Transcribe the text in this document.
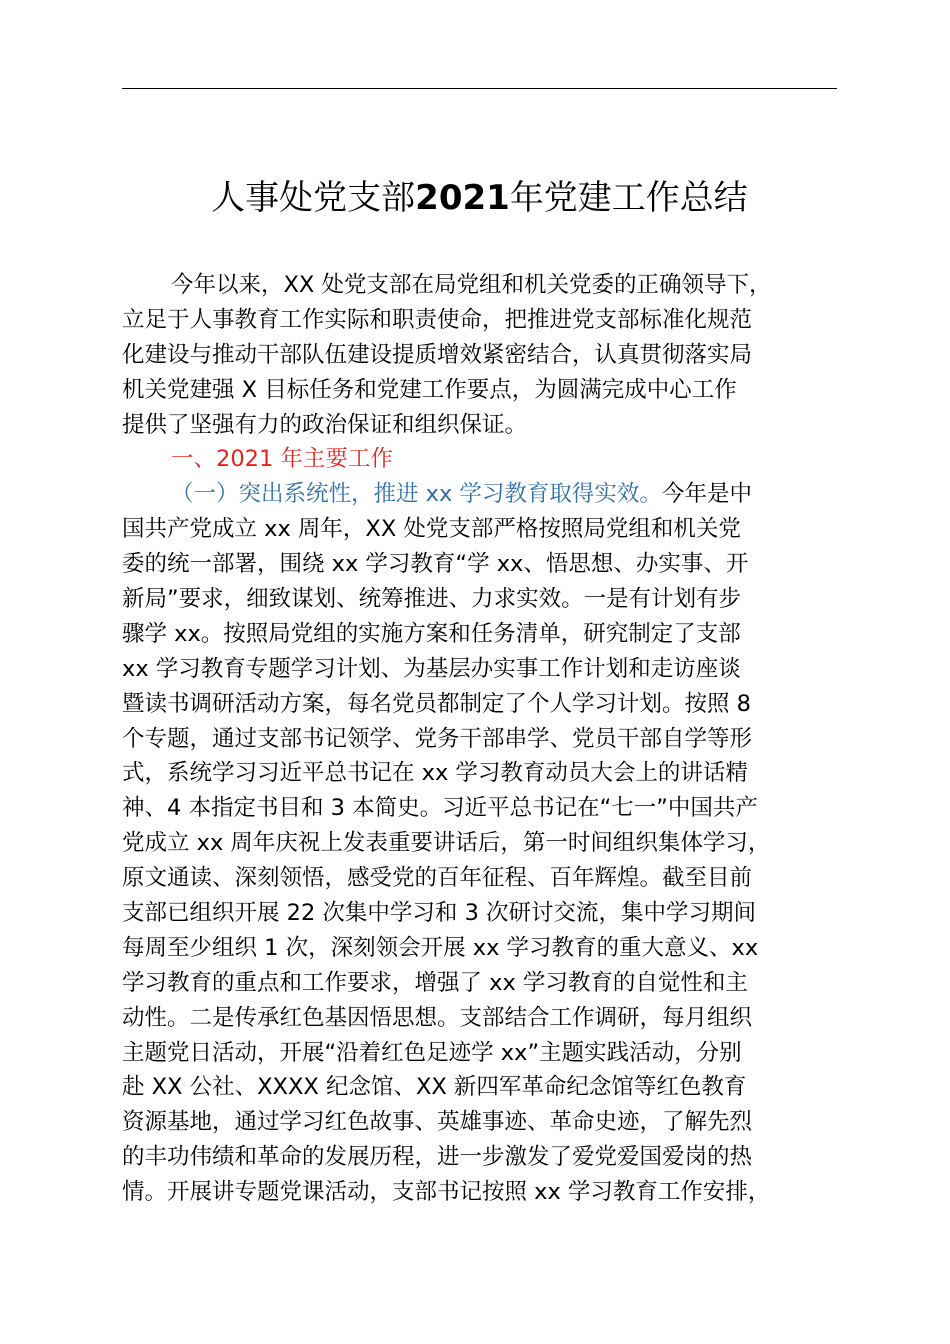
人事处党支部2021年党建工作总结
今年以来，XX 处党支部在局党组和机关党委的正确领导下，
立足于人事教育工作实际和职责使命，把推进党支部标准化规范
化建设与推动干部队伍建设提质增效紧密结合，认真贯彻落实局
机关党建强 X 目标任务和党建工作要点，为圆满完成中心工作
提供了坚强有力的政治保证和组织保证。
一、2021 年主要工作
（一）突出系统性，推进 xx 学习教育取得实效。今年是中
国共产党成立 xx 周年，XX 处党支部严格按照局党组和机关党
委的统一部署，围绕 xx 学习教育“学 xx、悟思想、办实事、开
新局”要求，细致谋划、统筹推进、力求实效。一是有计划有步
骤学 xx。按照局党组的实施方案和任务清单，研究制定了支部
xx 学习教育专题学习计划、为基层办实事工作计划和走访座谈
暨读书调研活动方案，每名党员都制定了个人学习计划。按照 8
个专题，通过支部书记领学、党务干部串学、党员干部自学等形
式，系统学习习近平总书记在 xx 学习教育动员大会上的讲话精
神、4 本指定书目和 3 本简史。习近平总书记在“七一”中国共产
党成立 xx 周年庆祝上发表重要讲话后，第一时间组织集体学习，
原文通读、深刻领悟，感受党的百年征程、百年辉煌。截至目前
支部已组织开展 22 次集中学习和 3 次研讨交流，集中学习期间
每周至少组织 1 次，深刻领会开展 xx 学习教育的重大意义、xx
学习教育的重点和工作要求，增强了 xx 学习教育的自觉性和主
动性。二是传承红色基因悟思想。支部结合工作调研，每月组织
主题党日活动，开展“沿着红色足迹学 xx”主题实践活动，分别
赴 XX 公社、XXXX 纪念馆、XX 新四军革命纪念馆等红色教育
资源基地，通过学习红色故事、英雄事迹、革命史迹，了解先烈
的丰功伟绩和革命的发展历程，进一步激发了爱党爱国爱岗的热
情。开展讲专题党课活动，支部书记按照 xx 学习教育工作安排，
